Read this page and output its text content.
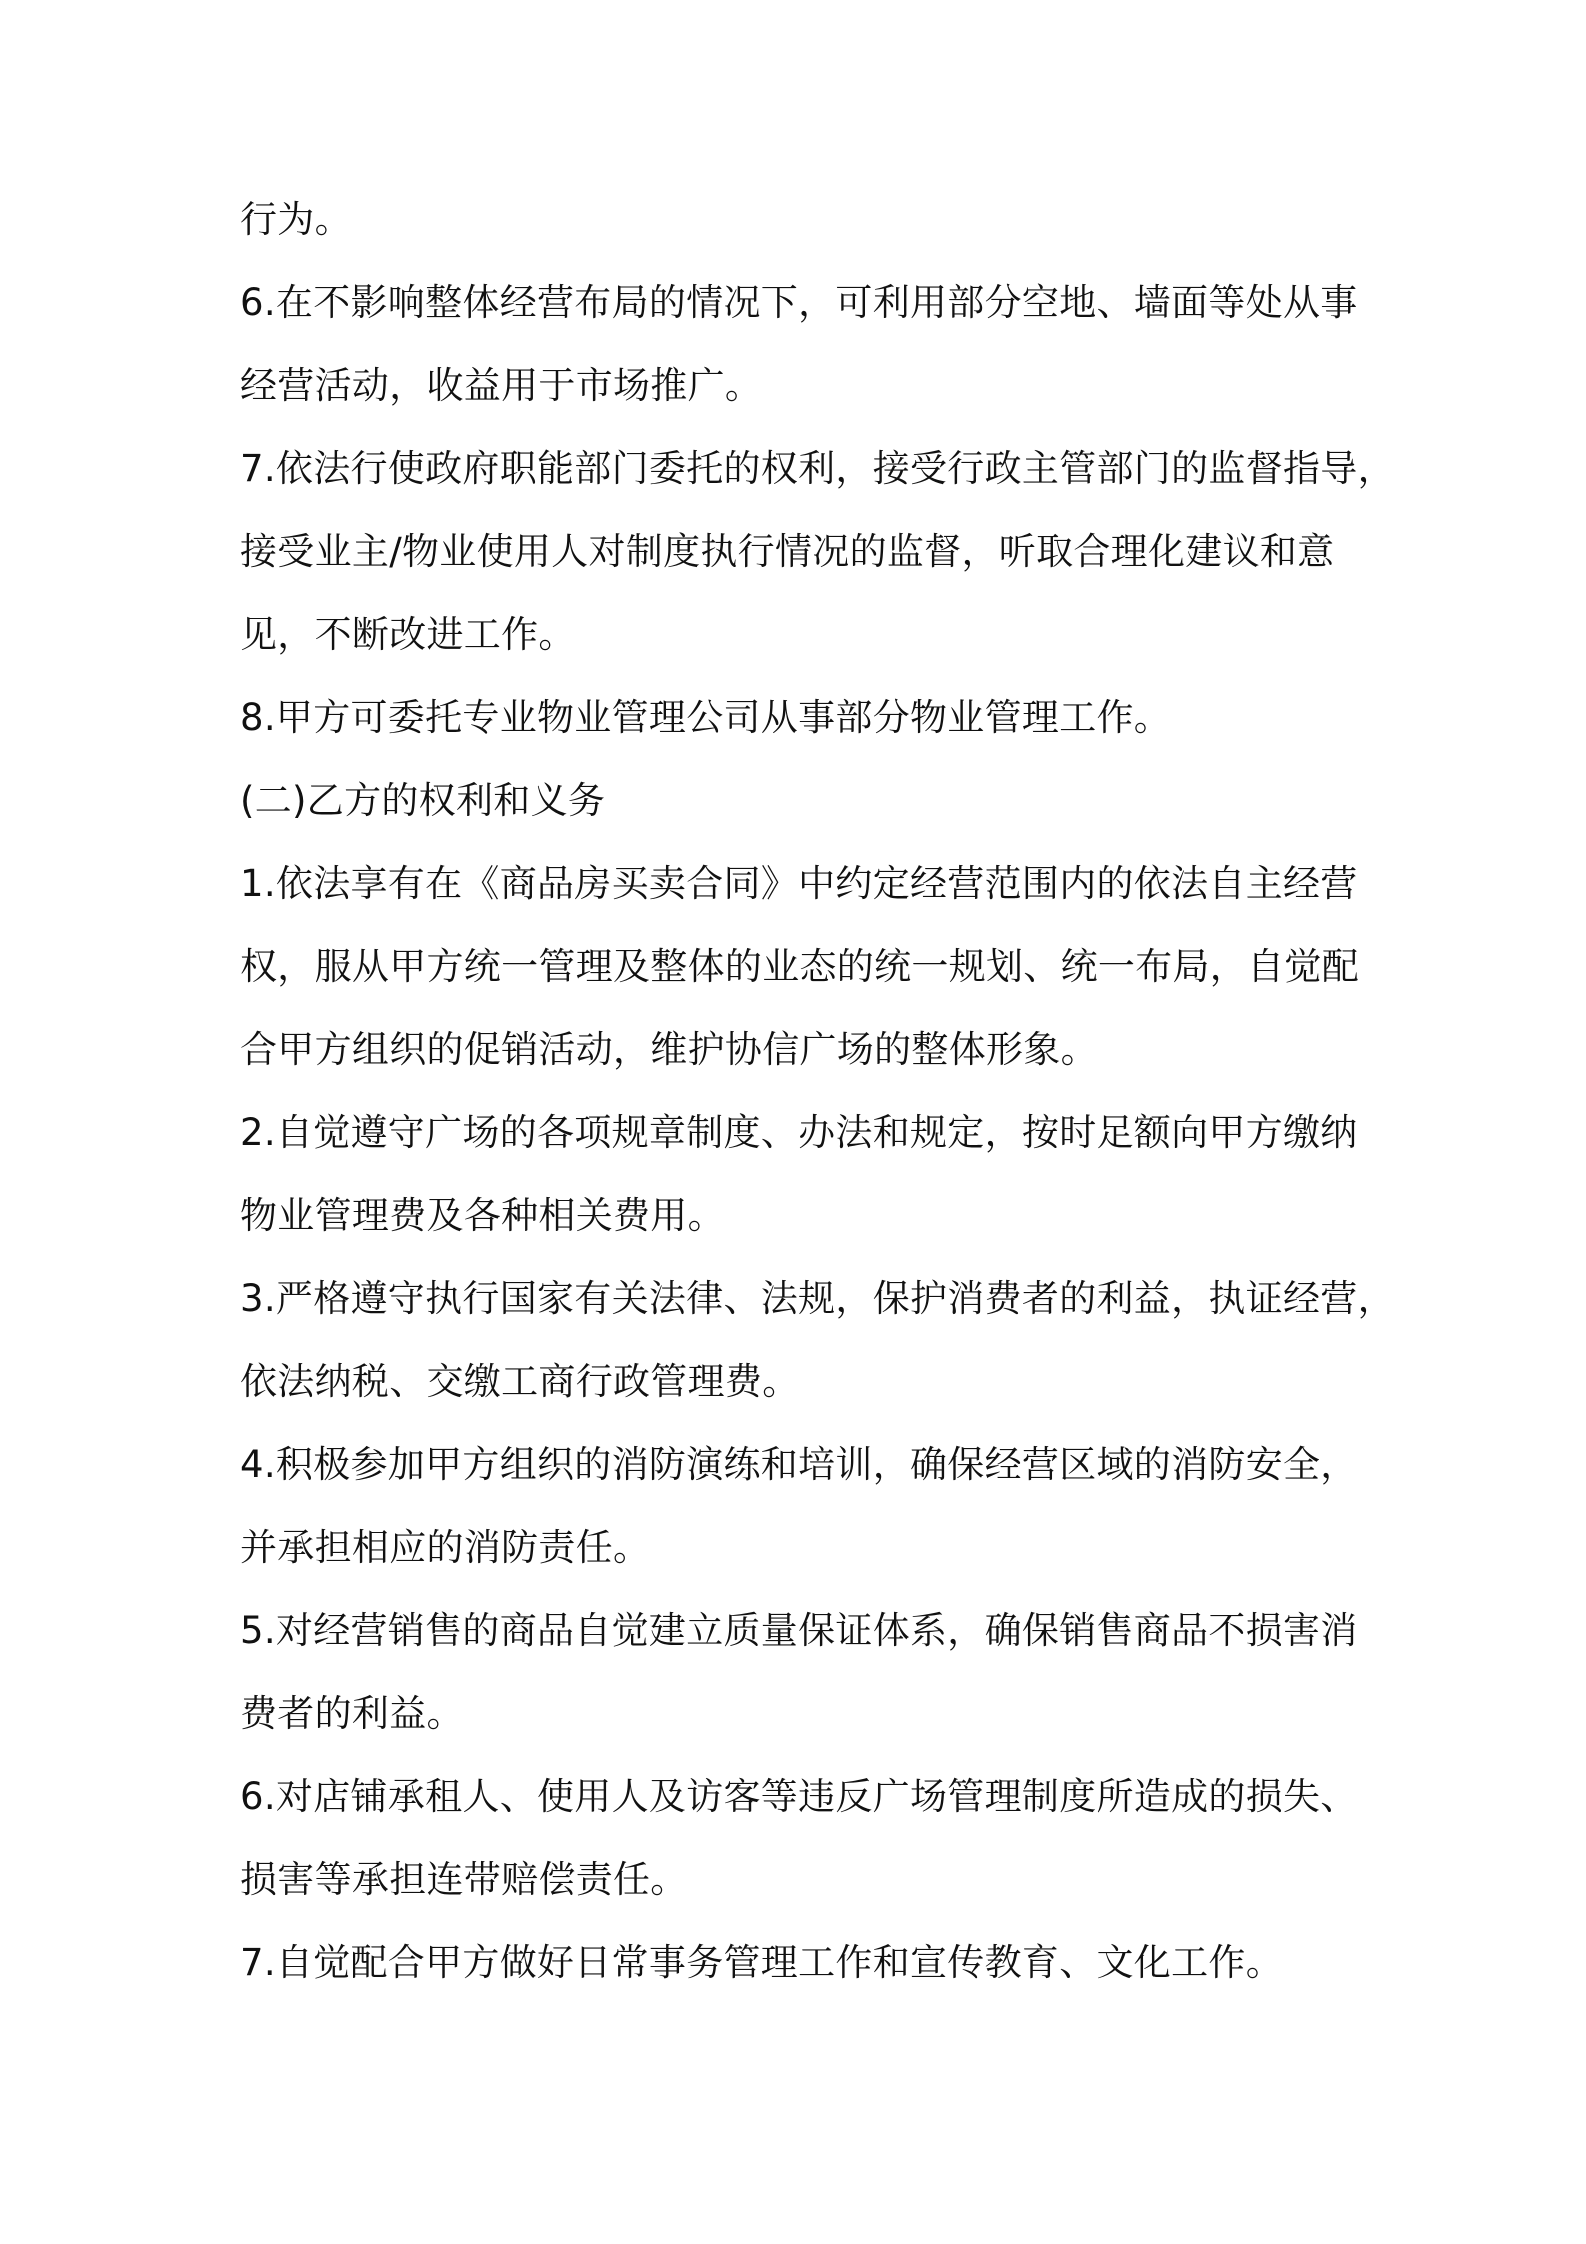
行为。
6.在不影响整体经营布局的情况下，可利用部分空地、墙面等处从事
经营活动，收益用于市场推广。
7.依法行使政府职能部门委托的权利，接受行政主管部门的监督指导，
接受业主/物业使用人对制度执行情况的监督，听取合理化建议和意
见，不断改进工作。
8.甲方可委托专业物业管理公司从事部分物业管理工作。
(二)乙方的权利和义务
1.依法享有在《商品房买卖合同》中约定经营范围内的依法自主经营
权，服从甲方统一管理及整体的业态的统一规划、统一布局，自觉配
合甲方组织的促销活动，维护协信广场的整体形象。
2.自觉遵守广场的各项规章制度、办法和规定，按时足额向甲方缴纳
物业管理费及各种相关费用。
3.严格遵守执行国家有关法律、法规，保护消费者的利益，执证经营，
依法纳税、交缴工商行政管理费。
4.积极参加甲方组织的消防演练和培训，确保经营区域的消防安全，
并承担相应的消防责任。
5.对经营销售的商品自觉建立质量保证体系，确保销售商品不损害消
费者的利益。
6.对店铺承租人、使用人及访客等违反广场管理制度所造成的损失、
损害等承担连带赔偿责任。
7.自觉配合甲方做好日常事务管理工作和宣传教育、文化工作。
